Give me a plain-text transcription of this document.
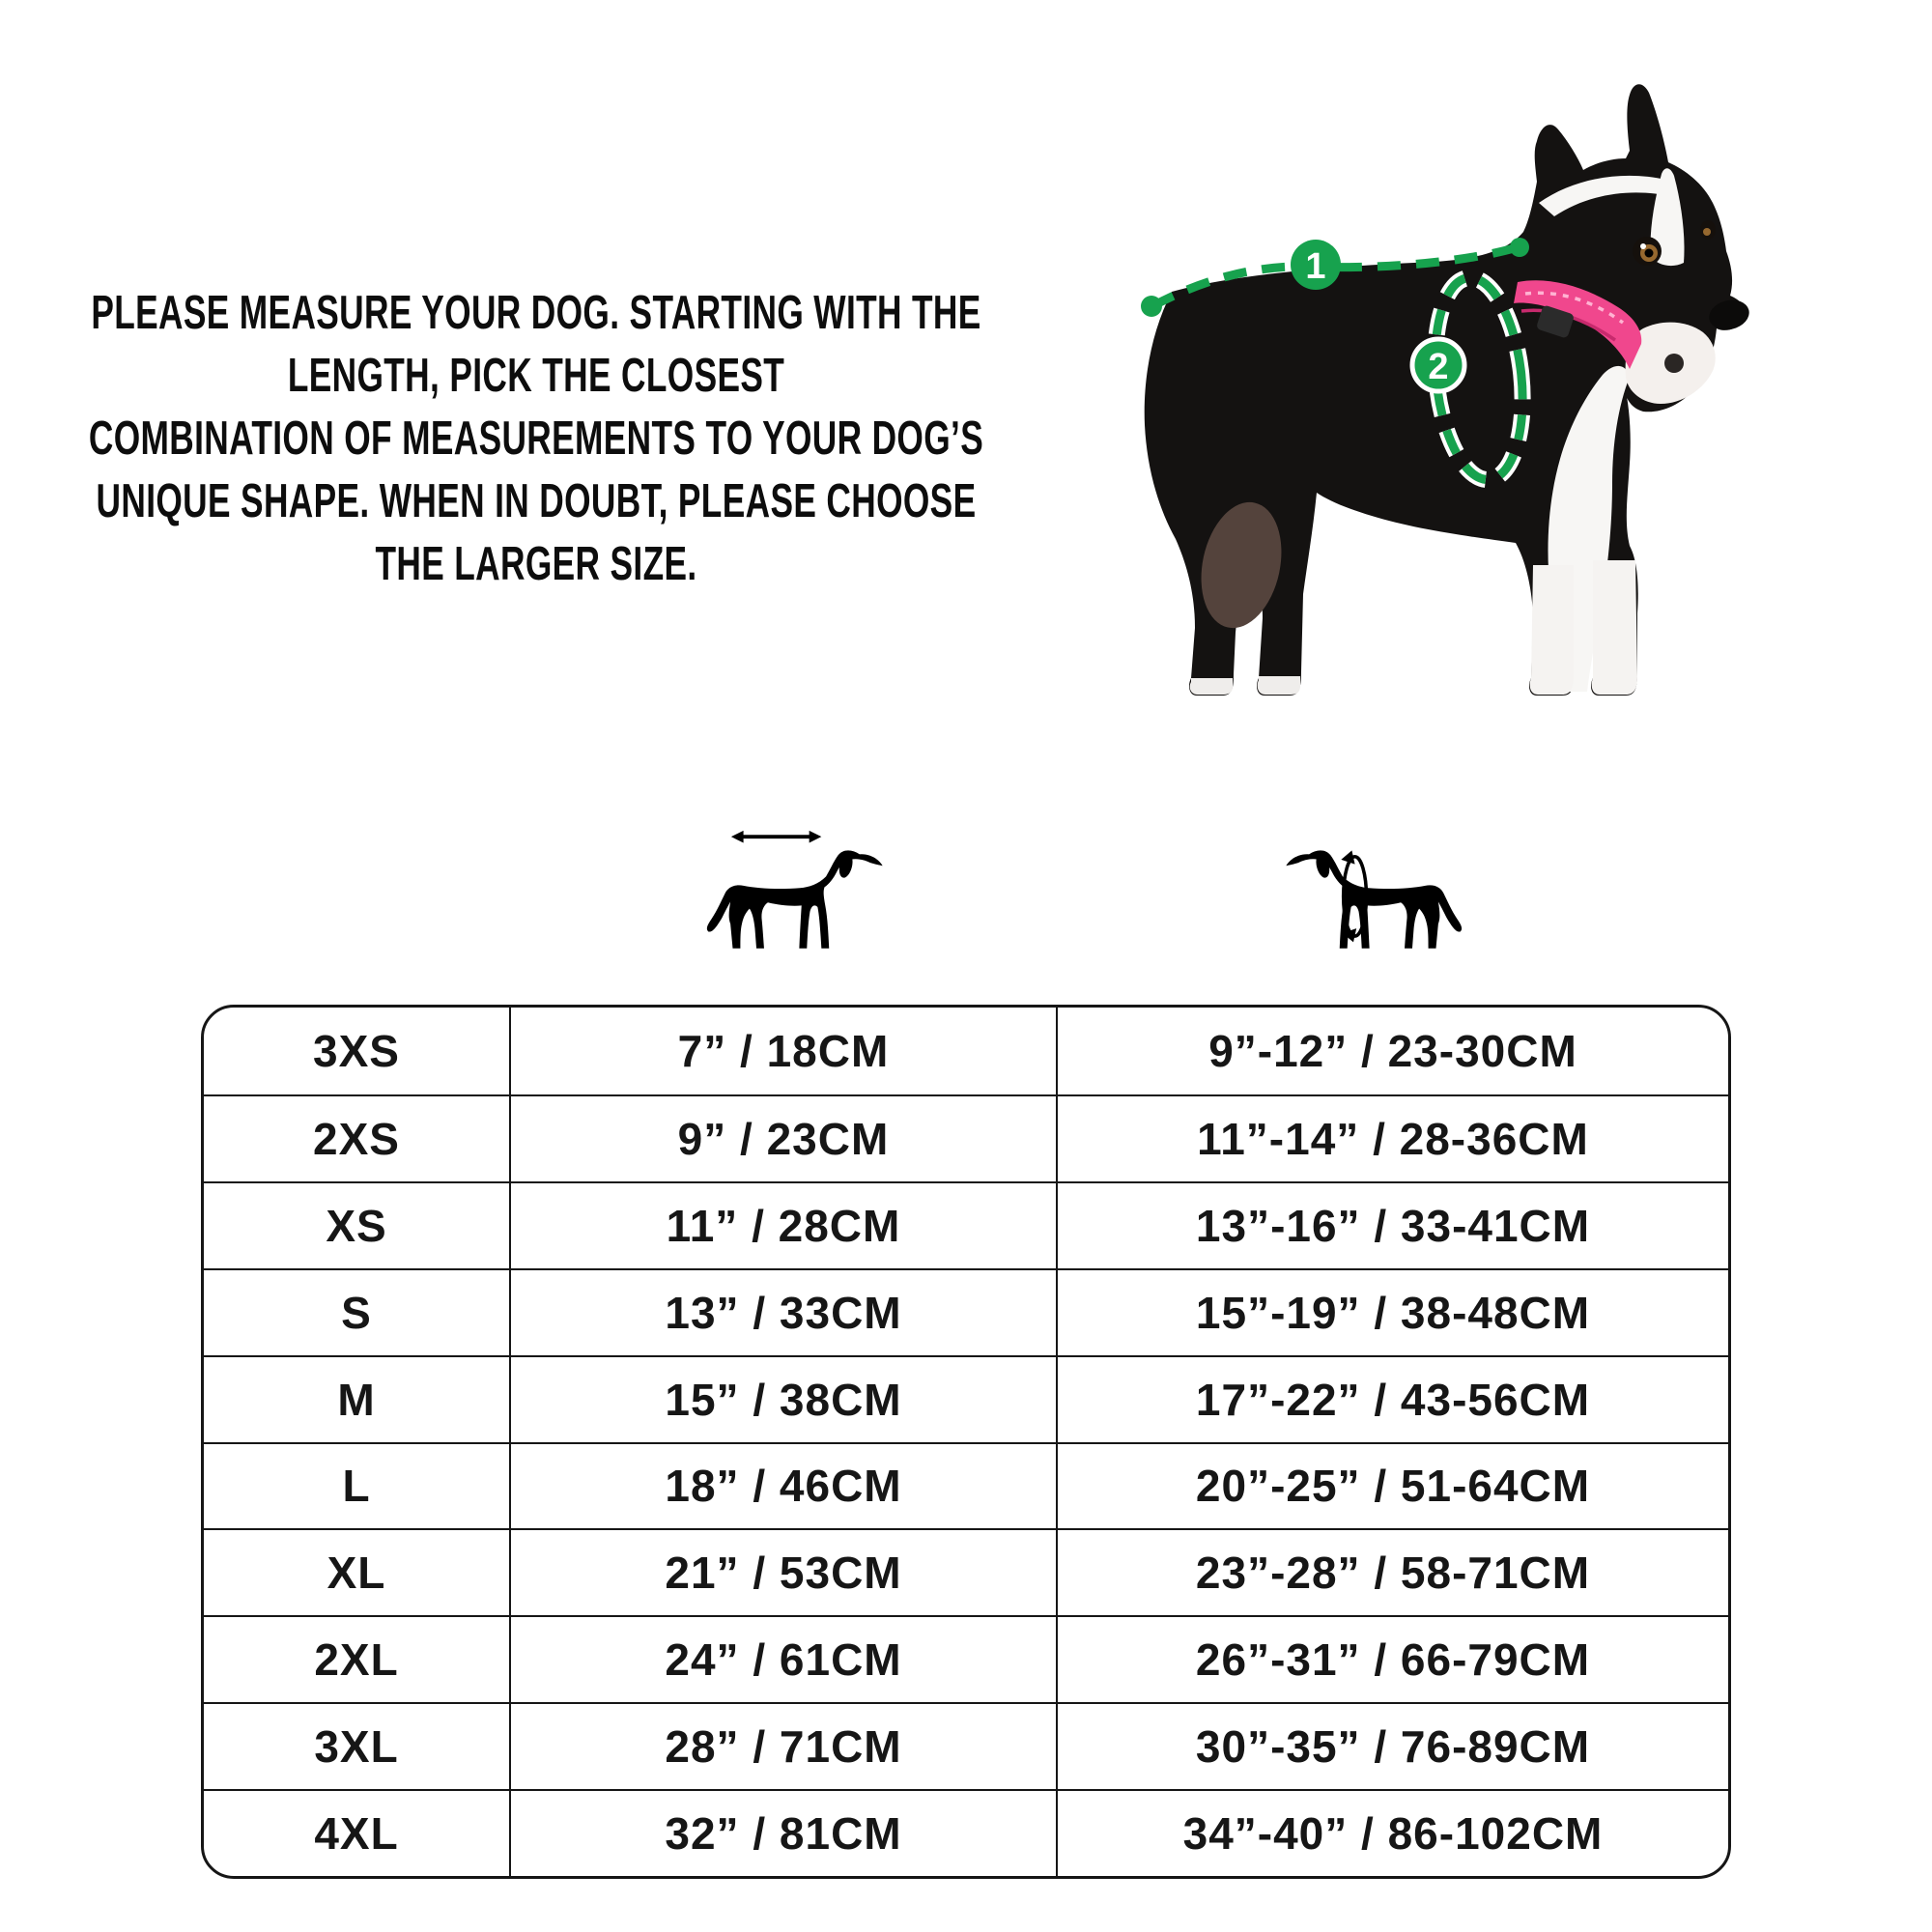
PLEASE MEASURE YOUR DOG. STARTING WITH THE
LENGTH, PICK THE CLOSEST
COMBINATION OF MEASUREMENTS TO YOUR DOG’S
UNIQUE SHAPE. WHEN IN DOUBT, PLEASE CHOOSE
THE LARGER SIZE.
1
2
3XS	7” / 18CM	9”-12” / 23-30CM
2XS	9” / 23CM	11”-14” / 28-36CM
XS	11” / 28CM	13”-16” / 33-41CM
S	13” / 33CM	15”-19” / 38-48CM
M	15” / 38CM	17”-22” / 43-56CM
L	18” / 46CM	20”-25” / 51-64CM
XL	21” / 53CM	23”-28” / 58-71CM
2XL	24” / 61CM	26”-31” / 66-79CM
3XL	28” / 71CM	30”-35” / 76-89CM
4XL	32” / 81CM	34”-40” / 86-102CM
